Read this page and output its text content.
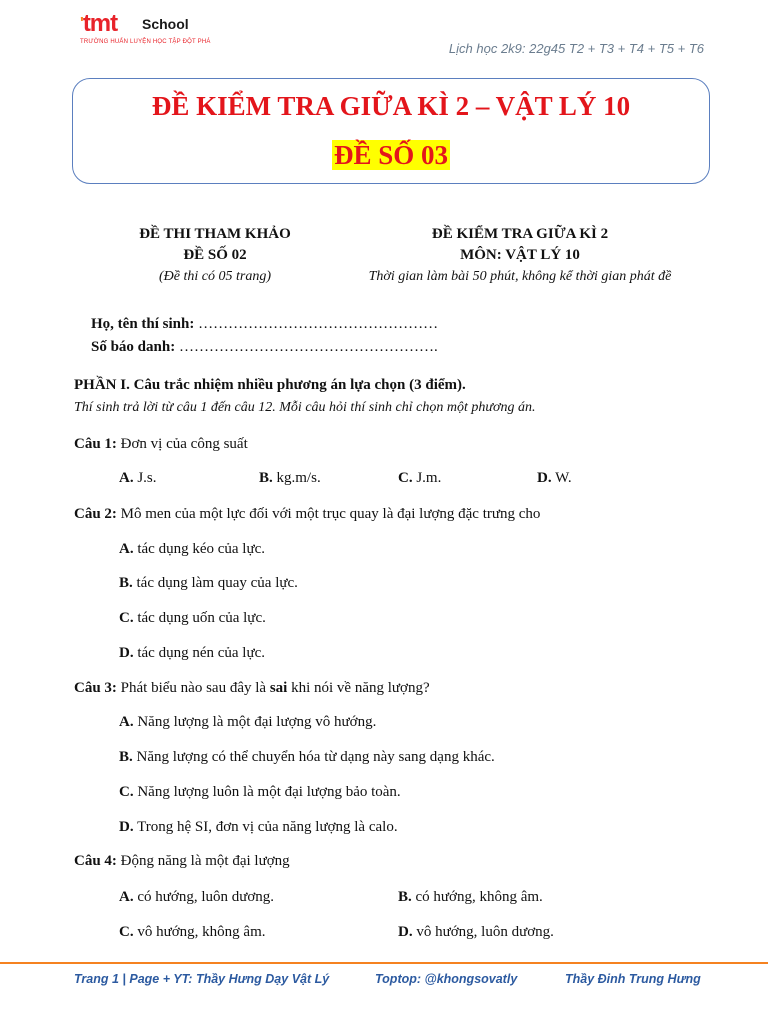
'tmt School
TRƯỜNG HUẤN LUYỆN HỌC TẬP ĐỘT PHÁ	Lịch học 2k9: 22g45 T2 + T3 + T4 + T5 + T6
ĐỀ KIỂM TRA GIỮA KÌ 2 – VẬT LÝ 10
ĐỀ SỐ 03
ĐỀ THI THAM KHẢO
ĐỀ SỐ 02
(Đề thi có 05 trang)
ĐỀ KIỂM TRA GIỮA KÌ 2
MÔN: VẬT LÝ 10
Thời gian làm bài 50 phút, không kể thời gian phát đề
Họ, tên thí sinh: …………………………………………
Số báo danh: …………………………………………….
PHẦN I. Câu trắc nhiệm nhiều phương án lựa chọn (3 điểm).
Thí sinh trả lời từ câu 1 đến câu 12. Mỗi câu hỏi thí sinh chỉ chọn một phương án.
Câu 1: Đơn vị của công suất
A. J.s.	B. kg.m/s.	C. J.m.	D. W.
Câu 2: Mô men của một lực đối với một trục quay là đại lượng đặc trưng cho
A. tác dụng kéo của lực.
B. tác dụng làm quay của lực.
C. tác dụng uốn của lực.
D. tác dụng nén của lực.
Câu 3: Phát biểu nào sau đây là sai khi nói về năng lượng?
A. Năng lượng là một đại lượng vô hướng.
B. Năng lượng có thể chuyển hóa từ dạng này sang dạng khác.
C. Năng lượng luôn là một đại lượng bảo toàn.
D. Trong hệ SI, đơn vị của năng lượng là calo.
Câu 4: Động năng là một đại lượng
A. có hướng, luôn dương.	B. có hướng, không âm.
C. vô hướng, không âm.	D. vô hướng, luôn dương.
Trang 1 | Page + YT: Thầy Hưng Dạy Vật Lý	Toptop: @khongsovatly	Thầy Đinh Trung Hưng
